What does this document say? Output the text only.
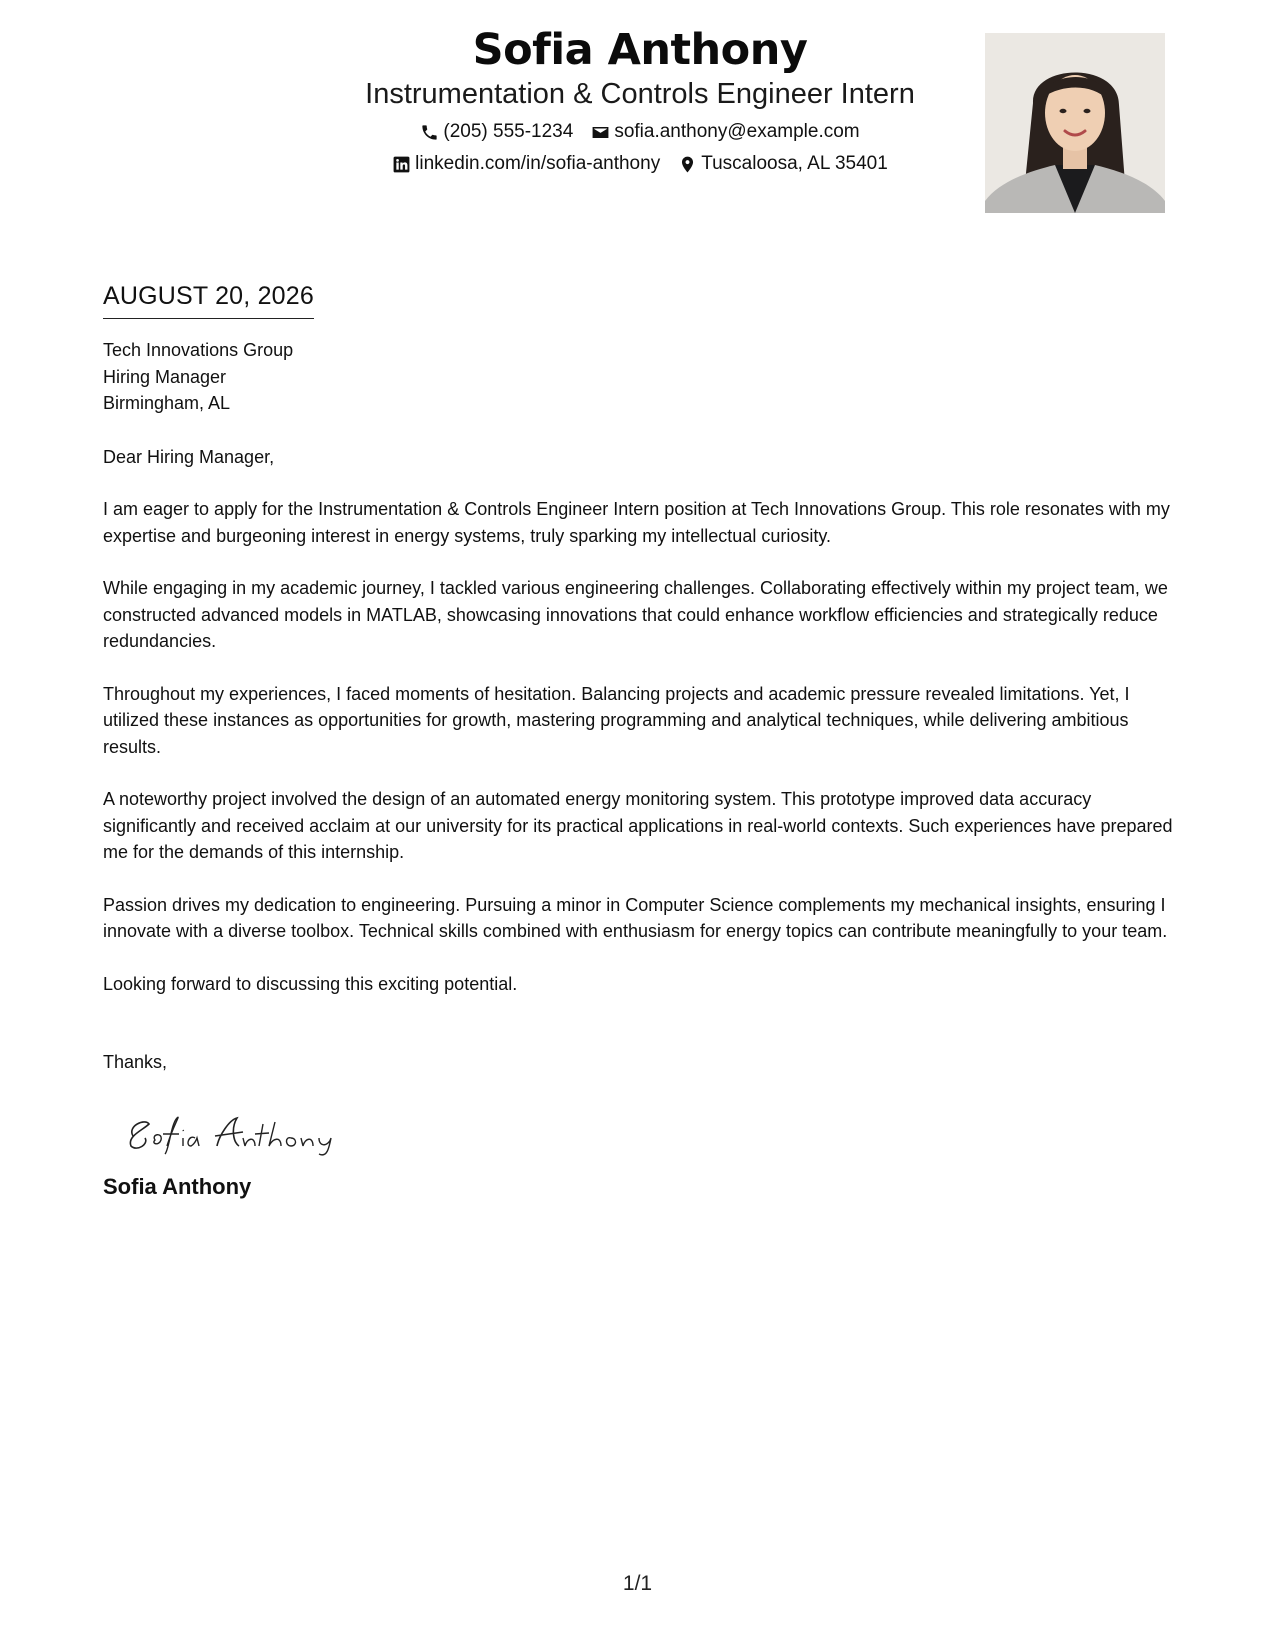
Sofia Anthony
Instrumentation & Controls Engineer Intern
(205) 555-1234 sofia.anthony@example.com
linkedin.com/in/sofia-anthony Tuscaloosa, AL 35401
AUGUST 20, 2026
Tech Innovations Group
Hiring Manager
Birmingham, AL
Dear Hiring Manager,
I am eager to apply for the Instrumentation & Controls Engineer Intern position at Tech Innovations Group. This role resonates with my expertise and burgeoning interest in energy systems, truly sparking my intellectual curiosity.
While engaging in my academic journey, I tackled various engineering challenges. Collaborating effectively within my project team, we constructed advanced models in MATLAB, showcasing innovations that could enhance workflow efficiencies and strategically reduce redundancies.
Throughout my experiences, I faced moments of hesitation. Balancing projects and academic pressure revealed limitations. Yet, I utilized these instances as opportunities for growth, mastering programming and analytical techniques, while delivering ambitious results.
A noteworthy project involved the design of an automated energy monitoring system. This prototype improved data accuracy significantly and received acclaim at our university for its practical applications in real-world contexts. Such experiences have prepared me for the demands of this internship.
Passion drives my dedication to engineering. Pursuing a minor in Computer Science complements my mechanical insights, ensuring I innovate with a diverse toolbox. Technical skills combined with enthusiasm for energy topics can contribute meaningfully to your team.
Looking forward to discussing this exciting potential.
Thanks,
Sofia Anthony
1/1
